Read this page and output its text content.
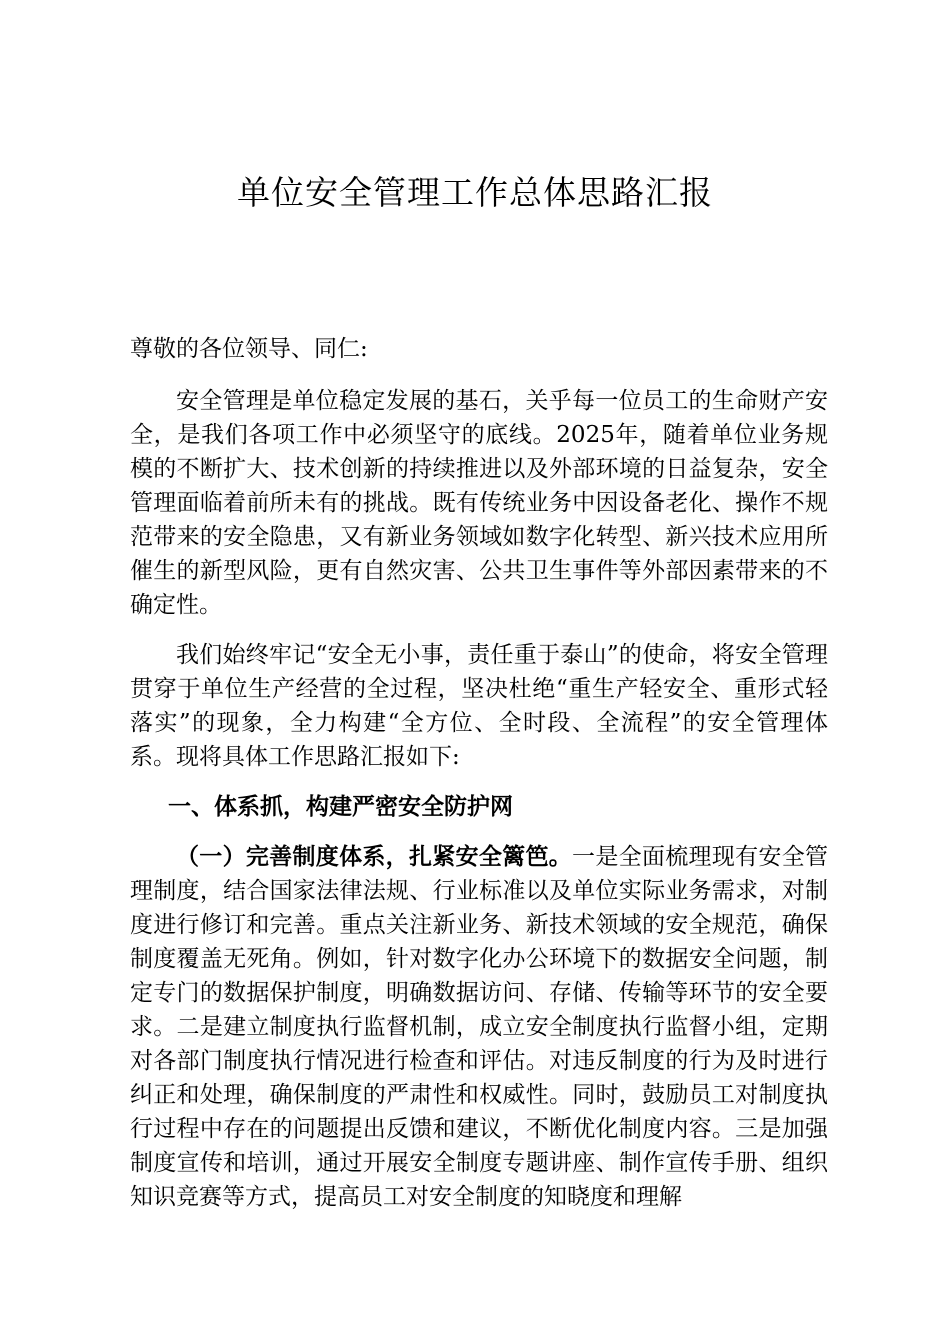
单位安全管理工作总体思路汇报

尊敬的各位领导、同仁:

安全管理是单位稳定发展的基石，关乎每一位员工的生命财产安全，是我们各项工作中必须坚守的底线。2025年，随着单位业务规模的不断扩大、技术创新的持续推进以及外部环境的日益复杂，安全管理面临着前所未有的挑战。既有传统业务中因设备老化、操作不规范带来的安全隐患，又有新业务领域如数字化转型、新兴技术应用所催生的新型风险，更有自然灾害、公共卫生事件等外部因素带来的不确定性。

我们始终牢记“安全无小事，责任重于泰山”的使命，将安全管理贯穿于单位生产经营的全过程，坚决杜绝“重生产轻安全、重形式轻落实”的现象，全力构建“全方位、全时段、全流程”的安全管理体系。现将具体工作思路汇报如下:

一、体系抓，构建严密安全防护网

（一）完善制度体系，扎紧安全篱笆。一是全面梳理现有安全管理制度，结合国家法律法规、行业标准以及单位实际业务需求，对制度进行修订和完善。重点关注新业务、新技术领域的安全规范，确保制度覆盖无死角。例如，针对数字化办公环境下的数据安全问题，制定专门的数据保护制度，明确数据访问、存储、传输等环节的安全要求。二是建立制度执行监督机制，成立安全制度执行监督小组，定期对各部门制度执行情况进行检查和评估。对违反制度的行为及时进行纠正和处理，确保制度的严肃性和权威性。同时，鼓励员工对制度执行过程中存在的问题提出反馈和建议，不断优化制度内容。三是加强制度宣传和培训，通过开展安全制度专题讲座、制作宣传手册、组织知识竞赛等方式，提高员工对安全制度的知晓度和理解
